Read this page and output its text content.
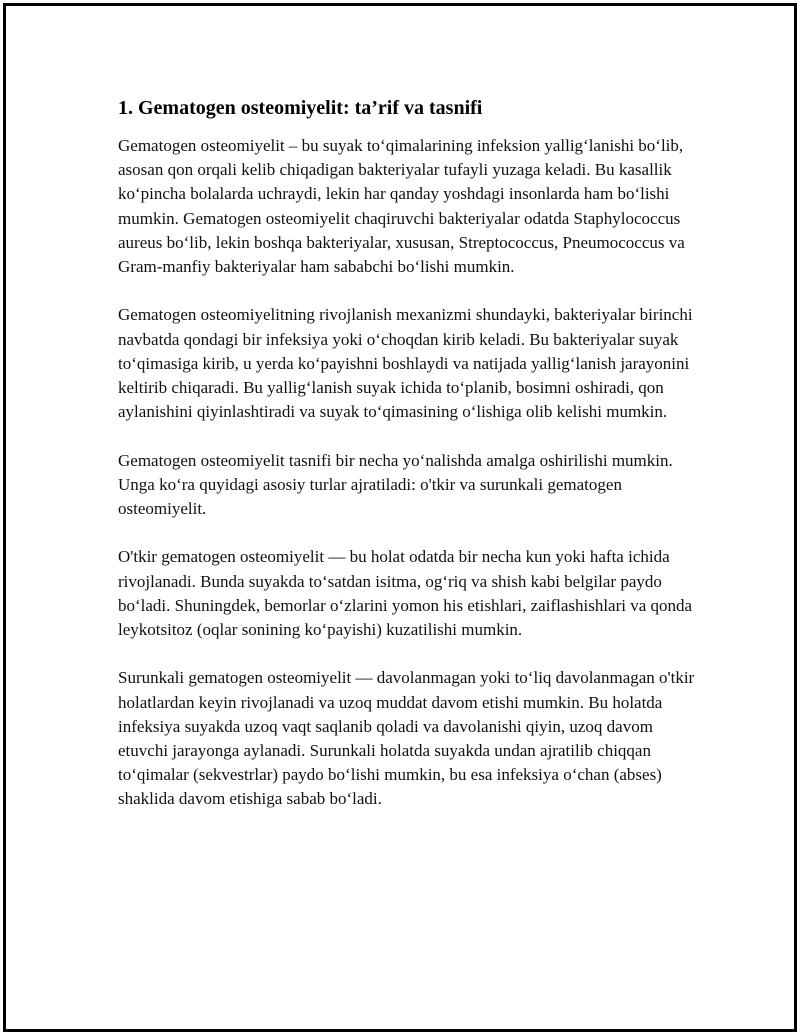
1. Gematogen osteomiyelit: ta’rif va tasnifi

Gematogen osteomiyelit – bu suyak to‘qimalarining infeksion yallig‘lanishi bo‘lib, asosan qon orqali kelib chiqadigan bakteriyalar tufayli yuzaga keladi. Bu kasallik ko‘pincha bolalarda uchraydi, lekin har qanday yoshdagi insonlarda ham bo‘lishi mumkin. Gematogen osteomiyelit chaqiruvchi bakteriyalar odatda Staphylococcus aureus bo‘lib, lekin boshqa bakteriyalar, xususan, Streptococcus, Pneumococcus va Gram-manfiy bakteriyalar ham sababchi bo‘lishi mumkin.

Gematogen osteomiyelitning rivojlanish mexanizmi shundayki, bakteriyalar birinchi navbatda qondagi bir infeksiya yoki o‘choqdan kirib keladi. Bu bakteriyalar suyak to‘qimasiga kirib, u yerda ko‘payishni boshlaydi va natijada yallig‘lanish jarayonini keltirib chiqaradi. Bu yallig‘lanish suyak ichida to‘planib, bosimni oshiradi, qon aylanishini qiyinlashtiradi va suyak to‘qimasining o‘lishiga olib kelishi mumkin.

Gematogen osteomiyelit tasnifi bir necha yo‘nalishda amalga oshirilishi mumkin. Unga ko‘ra quyidagi asosiy turlar ajratiladi: o'tkir va surunkali gematogen osteomiyelit.

O'tkir gematogen osteomiyelit — bu holat odatda bir necha kun yoki hafta ichida rivojlanadi. Bunda suyakda to‘satdan isitma, og‘riq va shish kabi belgilar paydo bo‘ladi. Shuningdek, bemorlar o‘zlarini yomon his etishlari, zaiflashishlari va qonda leykotsitoz (oqlar sonining ko‘payishi) kuzatilishi mumkin.

Surunkali gematogen osteomiyelit — davolanmagan yoki to‘liq davolanmagan o'tkir holatlardan keyin rivojlanadi va uzoq muddat davom etishi mumkin. Bu holatda infeksiya suyakda uzoq vaqt saqlanib qoladi va davolanishi qiyin, uzoq davom etuvchi jarayonga aylanadi. Surunkali holatda suyakda undan ajratilib chiqqan to‘qimalar (sekvestrlar) paydo bo‘lishi mumkin, bu esa infeksiya o‘chan (abses) shaklida davom etishiga sabab bo‘ladi.
